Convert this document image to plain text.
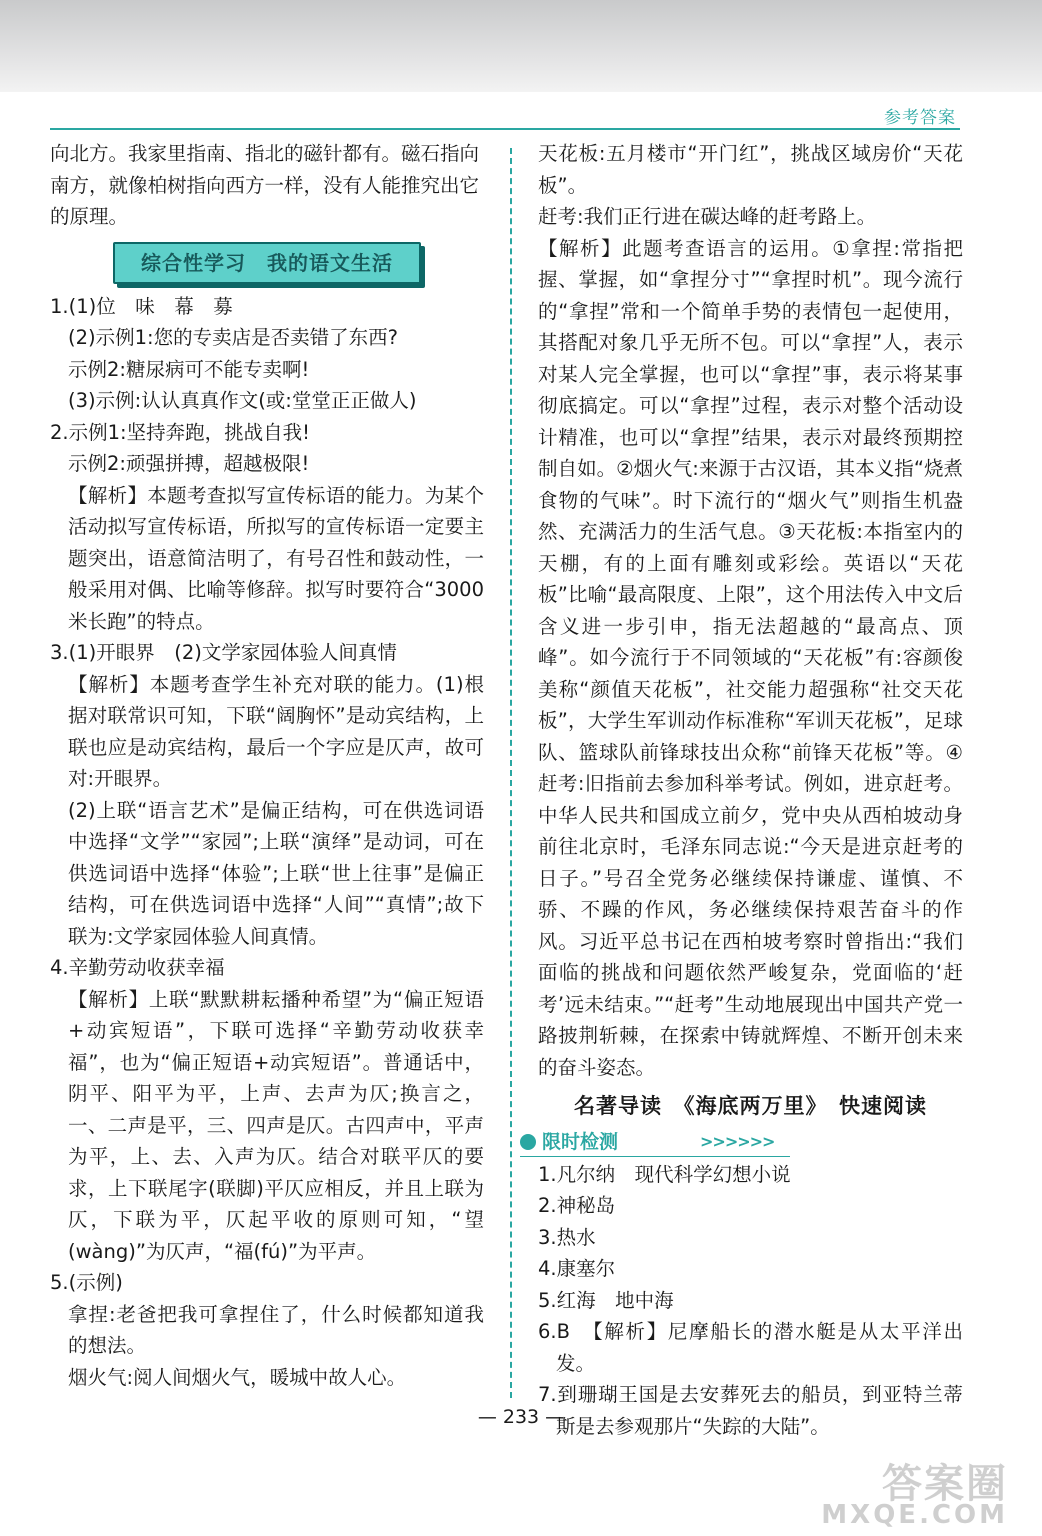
参考答案

向北方。我家里指南、指北的磁针都有。磁石指向

南方，就像柏树指向西方一样，没有人能推究出它

的原理。

综合性学习　我的语文生活

1.(1)位　味　幕　募

(2)示例1:您的专卖店是否卖错了东西?

示例2:糖尿病可不能专卖啊!

(3)示例:认认真真作文(或:堂堂正正做人)

2.示例1:坚持奔跑，挑战自我!

示例2:顽强拼搏，超越极限!

【解析】本题考查拟写宣传标语的能力。为某个活动拟写宣传标语，所拟写的宣传标语一定要主题突出，语意简洁明了，有号召性和鼓动性，一般采用对偶、比喻等修辞。拟写时要符合“3000米长跑”的特点。

3.(1)开眼界　(2)文学家园体验人间真情

【解析】本题考查学生补充对联的能力。(1)根据对联常识可知，下联“阔胸怀”是动宾结构，上联也应是动宾结构，最后一个字应是仄声，故可对:开眼界。

(2)上联“语言艺术”是偏正结构，可在供选词语中选择“文学”“家园”;上联“演绎”是动词，可在供选词语中选择“体验”;上联“世上往事”是偏正结构，可在供选词语中选择“人间”“真情”;故下联为:文学家园体验人间真情。

4.辛勤劳动收获幸福

【解析】上联“默默耕耘播种希望”为“偏正短语+动宾短语”，下联可选择“辛勤劳动收获幸福”，也为“偏正短语+动宾短语”。普通话中，阴平、阳平为平，上声、去声为仄;换言之，一、二声是平，三、四声是仄。古四声中，平声为平，上、去、入声为仄。结合对联平仄的要求，上下联尾字(联脚)平仄应相反，并且上联为仄，下联为平，仄起平收的原则可知，“望(wàng)”为仄声，“福(fú)”为平声。

5.(示例)

拿捏:老爸把我可拿捏住了，什么时候都知道我的想法。

烟火气:阅人间烟火气，暖城中故人心。

天花板:五月楼市“开门红”，挑战区域房价“天花板”。

赶考:我们正行进在碳达峰的赶考路上。

【解析】此题考查语言的运用。①拿捏:常指把握、掌握，如“拿捏分寸”“拿捏时机”。现今流行的“拿捏”常和一个简单手势的表情包一起使用，其搭配对象几乎无所不包。可以“拿捏”人，表示对某人完全掌握，也可以“拿捏”事，表示将某事彻底搞定。可以“拿捏”过程，表示对整个活动设计精准，也可以“拿捏”结果，表示对最终预期控制自如。②烟火气:来源于古汉语，其本义指“烧煮食物的气味”。时下流行的“烟火气”则指生机盎然、充满活力的生活气息。③天花板:本指室内的天棚，有的上面有雕刻或彩绘。英语以“天花板”比喻“最高限度、上限”，这个用法传入中文后含义进一步引申，指无法超越的“最高点、顶峰”。如今流行于不同领域的“天花板”有:容颜俊美称“颜值天花板”，社交能力超强称“社交天花板”，大学生军训动作标准称“军训天花板”，足球队、篮球队前锋球技出众称“前锋天花板”等。④赶考:旧指前去参加科举考试。例如，进京赶考。中华人民共和国成立前夕，党中央从西柏坡动身前往北京时，毛泽东同志说:“今天是进京赶考的日子。”号召全党务必继续保持谦虚、谨慎、不骄、不躁的作风，务必继续保持艰苦奋斗的作风。习近平总书记在西柏坡考察时曾指出:“我们面临的挑战和问题依然严峻复杂，党面临的‘赶考’远未结束。”“赶考”生动地展现出中国共产党一路披荆斩棘，在探索中铸就辉煌、不断开创未来的奋斗姿态。

名著导读　《海底两万里》　快速阅读
限时检测	>>>>>>

1.凡尔纳　现代科学幻想小说

2.神秘岛

3.热水

4.康塞尔

5.红海　地中海

6.B　【解析】尼摩船长的潜水艇是从太平洋出发。

7.到珊瑚王国是去安葬死去的船员，到亚特兰蒂斯是去参观那片“失踪的大陆”。

— 233 —
答案圈
MXQE.COM
